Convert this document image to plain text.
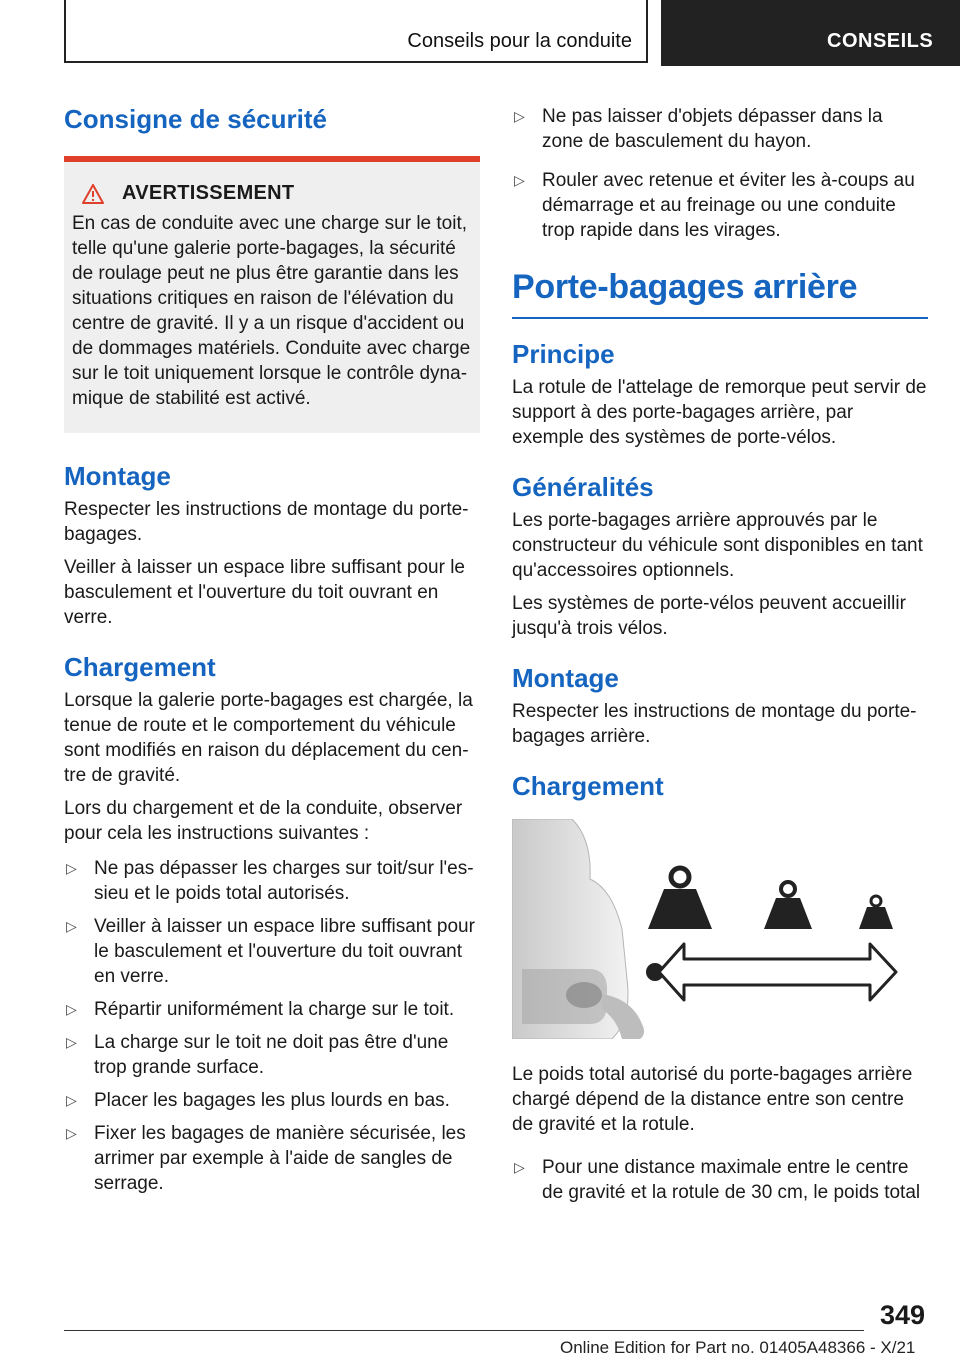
Conseils pour la conduite	CONSEILS
Consigne de sécurité
AVERTISSEMENT

En cas de conduite avec une charge sur le toit, telle qu'une galerie porte-bagages, la sécurité de roulage peut ne plus être garantie dans les situations critiques en raison de l'élévation du centre de gravité. Il y a un risque d'accident ou de dommages matériels. Conduite avec charge sur le toit uniquement lorsque le contrôle dynamique de stabilité est activé.

Montage

Respecter les instructions de montage du porte-bagages.

Veiller à laisser un espace libre suffisant pour le basculement et l'ouverture du toit ouvrant en verre.

Chargement

Lorsque la galerie porte-bagages est chargée, la tenue de route et le comportement du véhicule sont modifiés en raison du déplacement du centre de gravité.

Lors du chargement et de la conduite, observer pour cela les instructions suivantes :

▷ Ne pas dépasser les charges sur toit/sur l'essieu et le poids total autorisés.
▷ Veiller à laisser un espace libre suffisant pour le basculement et l'ouverture du toit ouvrant en verre.
▷ Répartir uniformément la charge sur le toit.
▷ La charge sur le toit ne doit pas être d'une trop grande surface.
▷ Placer les bagages les plus lourds en bas.
▷ Fixer les bagages de manière sécurisée, les arrimer par exemple à l'aide de sangles de serrage.
▷ Ne pas laisser d'objets dépasser dans la zone de basculement du hayon.
▷ Rouler avec retenue et éviter les à-coups au démarrage et au freinage ou une conduite trop rapide dans les virages.
Porte-bagages arrière
Principe

La rotule de l'attelage de remorque peut servir de support à des porte-bagages arrière, par exemple des systèmes de porte-vélos.

Généralités

Les porte-bagages arrière approuvés par le constructeur du véhicule sont disponibles en tant qu'accessoires optionnels.

Les systèmes de porte-vélos peuvent accueillir jusqu'à trois vélos.

Montage

Respecter les instructions de montage du porte-bagages arrière.

Chargement

Le poids total autorisé du porte-bagages arrière chargé dépend de la distance entre son centre de gravité et la rotule.

▷ Pour une distance maximale entre le centre de gravité et la rotule de 30 cm, le poids total
349
Online Edition for Part no. 01405A48366 - X/21
